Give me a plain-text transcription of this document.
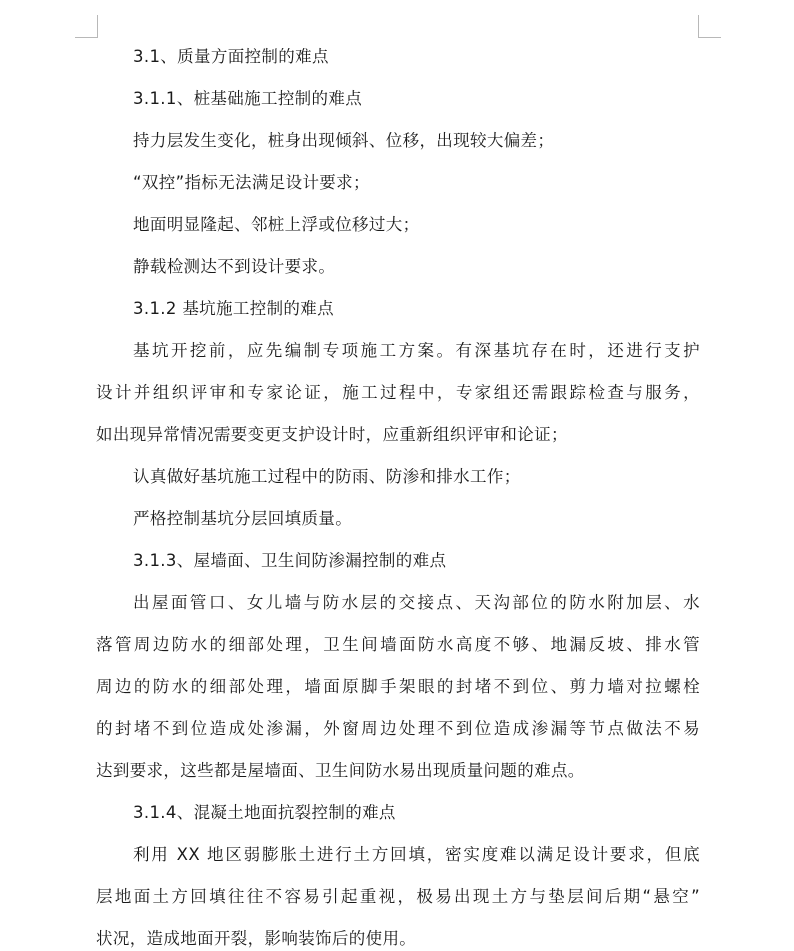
3.1、质量方面控制的难点
3.1.1、桩基础施工控制的难点
持力层发生变化，桩身出现倾斜、位移，出现较大偏差；
“双控”指标无法满足设计要求；
地面明显隆起、邻桩上浮或位移过大；
静载检测达不到设计要求。
3.1.2 基坑施工控制的难点
基坑开挖前，应先编制专项施工方案。有深基坑存在时，还进行支护
设计并组织评审和专家论证，施工过程中，专家组还需跟踪检查与服务，
如出现异常情况需要变更支护设计时，应重新组织评审和论证；
认真做好基坑施工过程中的防雨、防渗和排水工作；
严格控制基坑分层回填质量。
3.1.3、屋墙面、卫生间防渗漏控制的难点
出屋面管口、女儿墙与防水层的交接点、天沟部位的防水附加层、水
落管周边防水的细部处理，卫生间墙面防水高度不够、地漏反坡、排水管
周边的防水的细部处理，墙面原脚手架眼的封堵不到位、剪力墙对拉螺栓
的封堵不到位造成处渗漏，外窗周边处理不到位造成渗漏等节点做法不易
达到要求，这些都是屋墙面、卫生间防水易出现质量问题的难点。
3.1.4、混凝土地面抗裂控制的难点
利用 XX 地区弱膨胀土进行土方回填，密实度难以满足设计要求，但底
层地面土方回填往往不容易引起重视，极易出现土方与垫层间后期“悬空”
状况，造成地面开裂，影响装饰后的使用。
